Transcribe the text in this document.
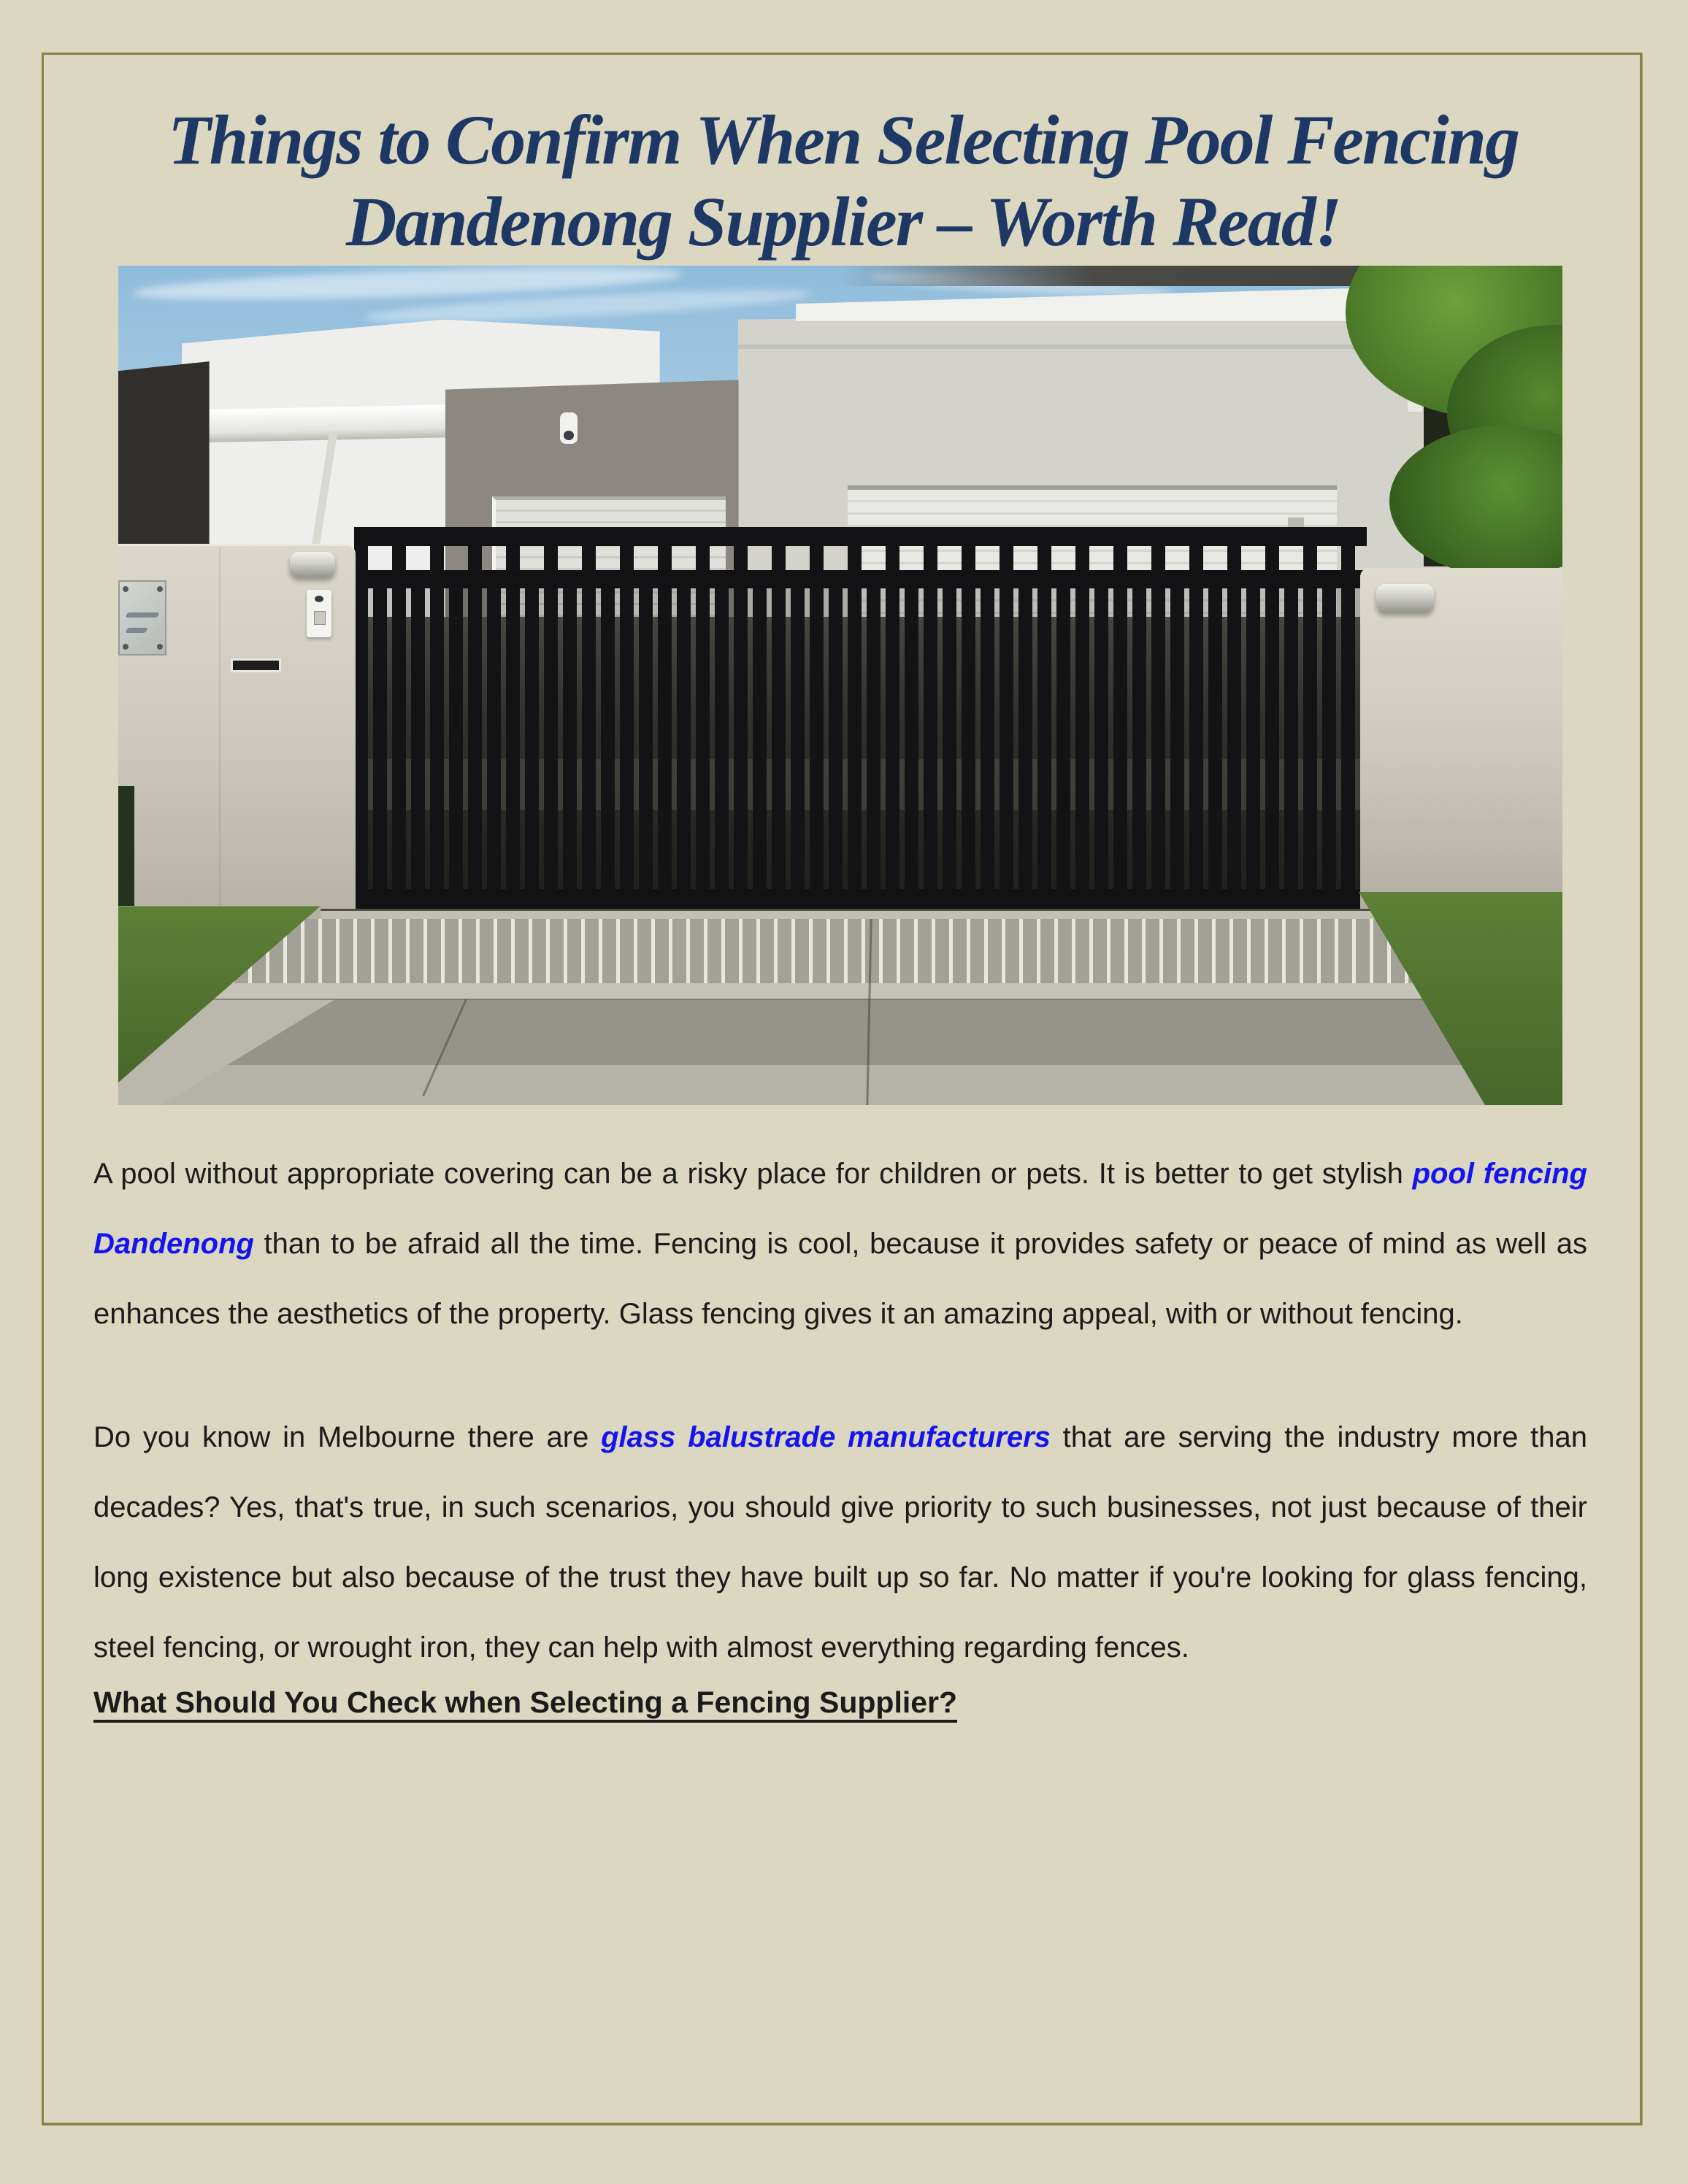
Things to Confirm When Selecting Pool Fencing
Dandenong Supplier – Worth Read!

A pool without appropriate covering can be a risky place for children or pets. It is better to get stylish pool fencing Dandenong than to be afraid all the time. Fencing is cool, because it provides safety or peace of mind as well as enhances the aesthetics of the property. Glass fencing gives it an amazing appeal, with or without fencing.

Do you know in Melbourne there are glass balustrade manufacturers that are serving the industry more than decades? Yes, that's true, in such scenarios, you should give priority to such businesses, not just because of their long existence but also because of the trust they have built up so far. No matter if you're looking for glass fencing, steel fencing, or wrought iron, they can help with almost everything regarding fences.

What Should You Check when Selecting a Fencing Supplier?
